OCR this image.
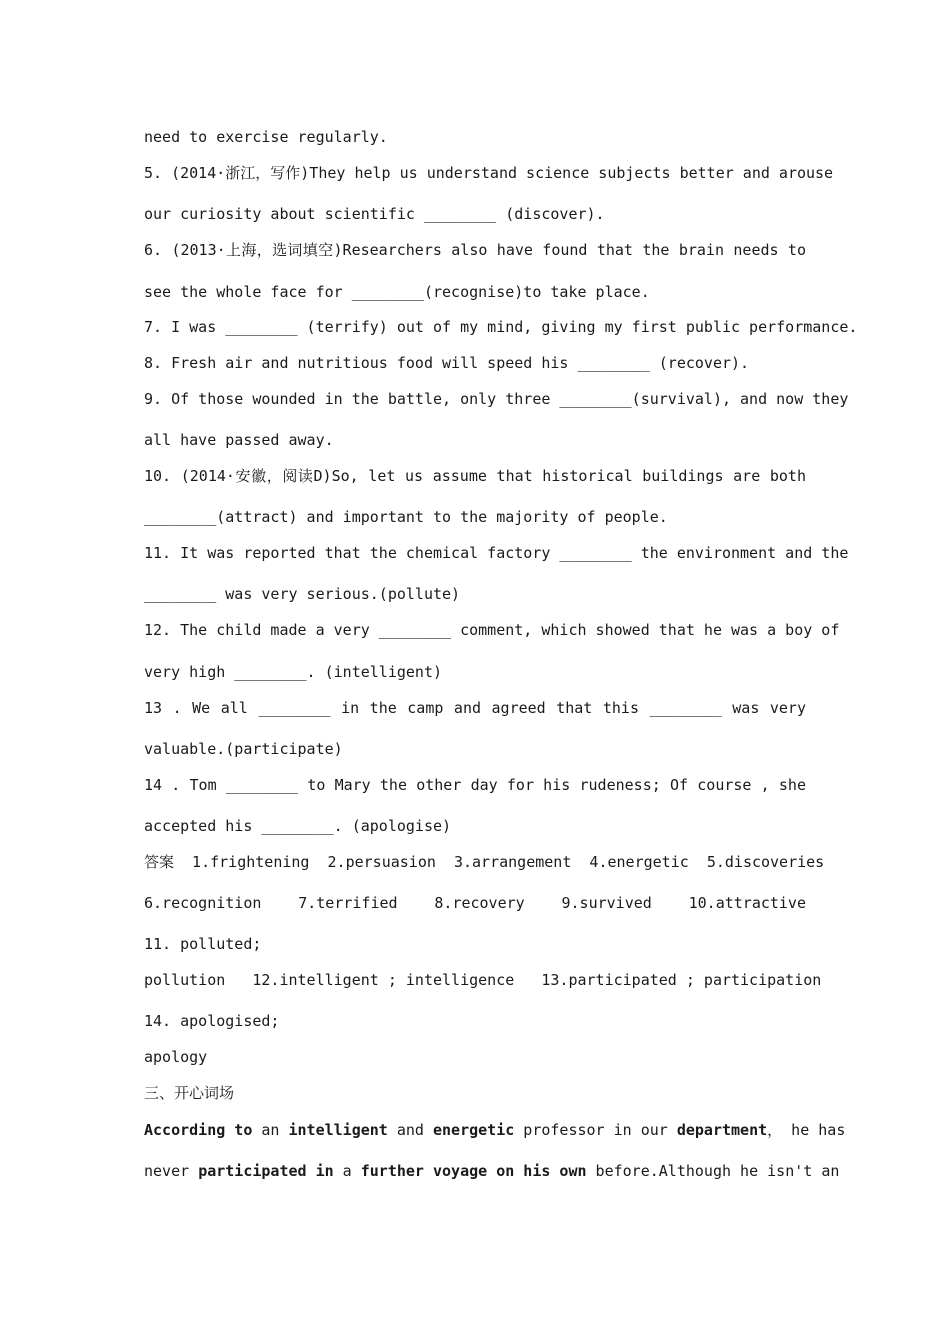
need to exercise regularly.
5. (2014·浙江，写作)They help us understand science subjects better and arouse
our curiosity about scientific ________ (discover).
6. (2013·上海，选词填空)Researchers also have found that the brain needs to
see the whole face for ________(recognise)to take place.
7. I was ________ (terrify) out of my mind, giving my first public performance.
8. Fresh air and nutritious food will speed his ________ (recover).
9. Of those wounded in the battle, only three ________(survival), and now they
all have passed away.
10. (2014·安徽，阅读D)So, let us assume that historical buildings are both
________(attract) and important to the majority of people.
11. It was reported that the chemical factory ________ the environment and the
________ was very serious.(pollute)
12. The child made a very ________ comment, which showed that he was a boy of
very high ________. (intelligent)
13 . We all ________ in the camp and agreed that this ________ was very
valuable.(participate)
14 . Tom ________ to Mary the other day for his rudeness; Of course , she
accepted his ________. (apologise)
答案  1.frightening  2.persuasion  3.arrangement  4.energetic  5.discoveries
6.recognition   7.terrified   8.recovery   9.survived   10.attractive
11. polluted;
pollution   12.intelligent ; intelligence   13.participated ; participation
14. apologised;
apology
三、开心词场
According to an intelligent and energetic professor in our department， he has
never participated in a further voyage on his own before.Although he isn't an
